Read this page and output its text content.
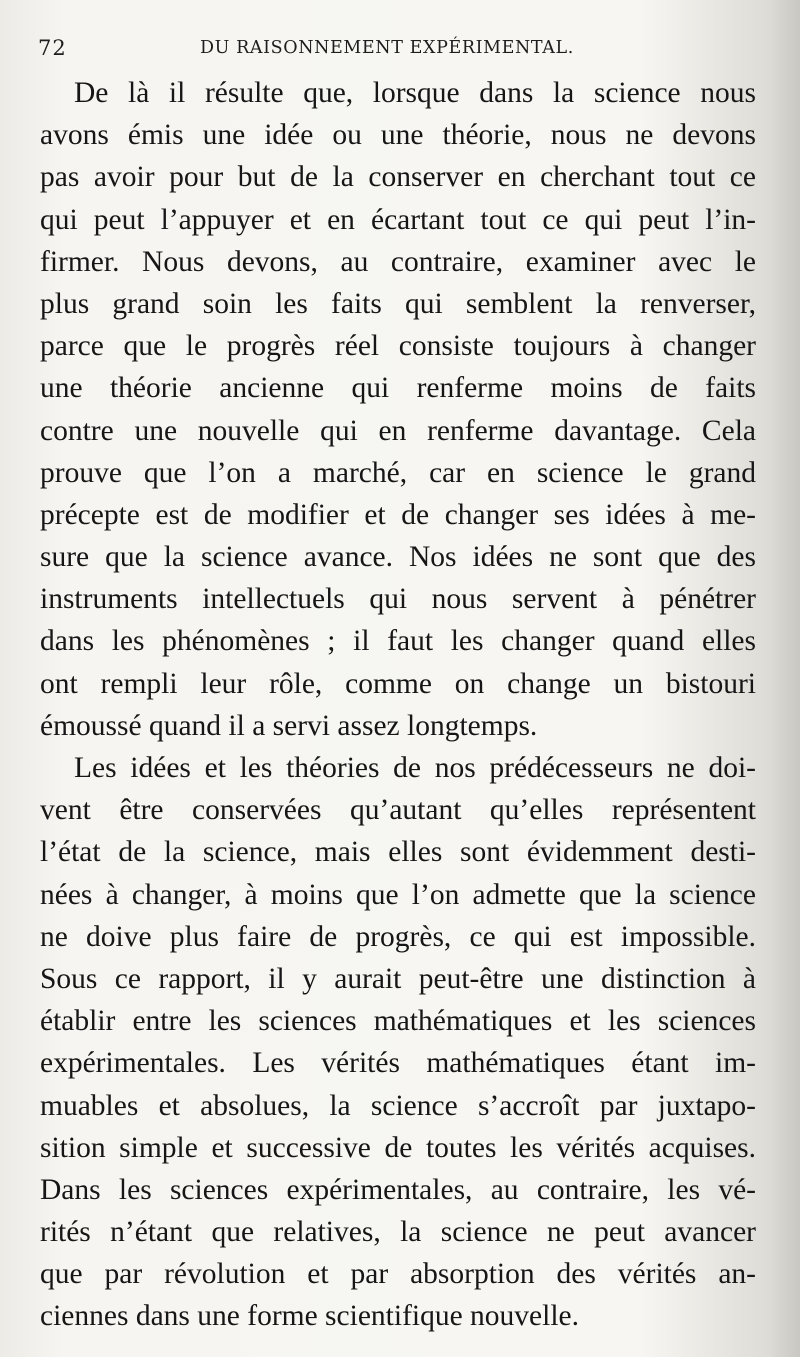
72	DU RAISONNEMENT EXPÉRIMENTAL.
De là il résulte que, lorsque dans la science nous
avons émis une idée ou une théorie, nous ne devons
pas avoir pour but de la conserver en cherchant tout ce
qui peut l’appuyer et en écartant tout ce qui peut l’in-
firmer. Nous devons, au contraire, examiner avec le
plus grand soin les faits qui semblent la renverser,
parce que le progrès réel consiste toujours à changer
une théorie ancienne qui renferme moins de faits
contre une nouvelle qui en renferme davantage. Cela
prouve que l’on a marché, car en science le grand
précepte est de modifier et de changer ses idées à me-
sure que la science avance. Nos idées ne sont que des
instruments intellectuels qui nous servent à pénétrer
dans les phénomènes ; il faut les changer quand elles
ont rempli leur rôle, comme on change un bistouri
émoussé quand il a servi assez longtemps.
Les idées et les théories de nos prédécesseurs ne doi-
vent être conservées qu’autant qu’elles représentent
l’état de la science, mais elles sont évidemment desti-
nées à changer, à moins que l’on admette que la science
ne doive plus faire de progrès, ce qui est impossible.
Sous ce rapport, il y aurait peut-être une distinction à
établir entre les sciences mathématiques et les sciences
expérimentales. Les vérités mathématiques étant im-
muables et absolues, la science s’accroît par juxtapo-
sition simple et successive de toutes les vérités acquises.
Dans les sciences expérimentales, au contraire, les vé-
rités n’étant que relatives, la science ne peut avancer
que par révolution et par absorption des vérités an-
ciennes dans une forme scientifique nouvelle.
